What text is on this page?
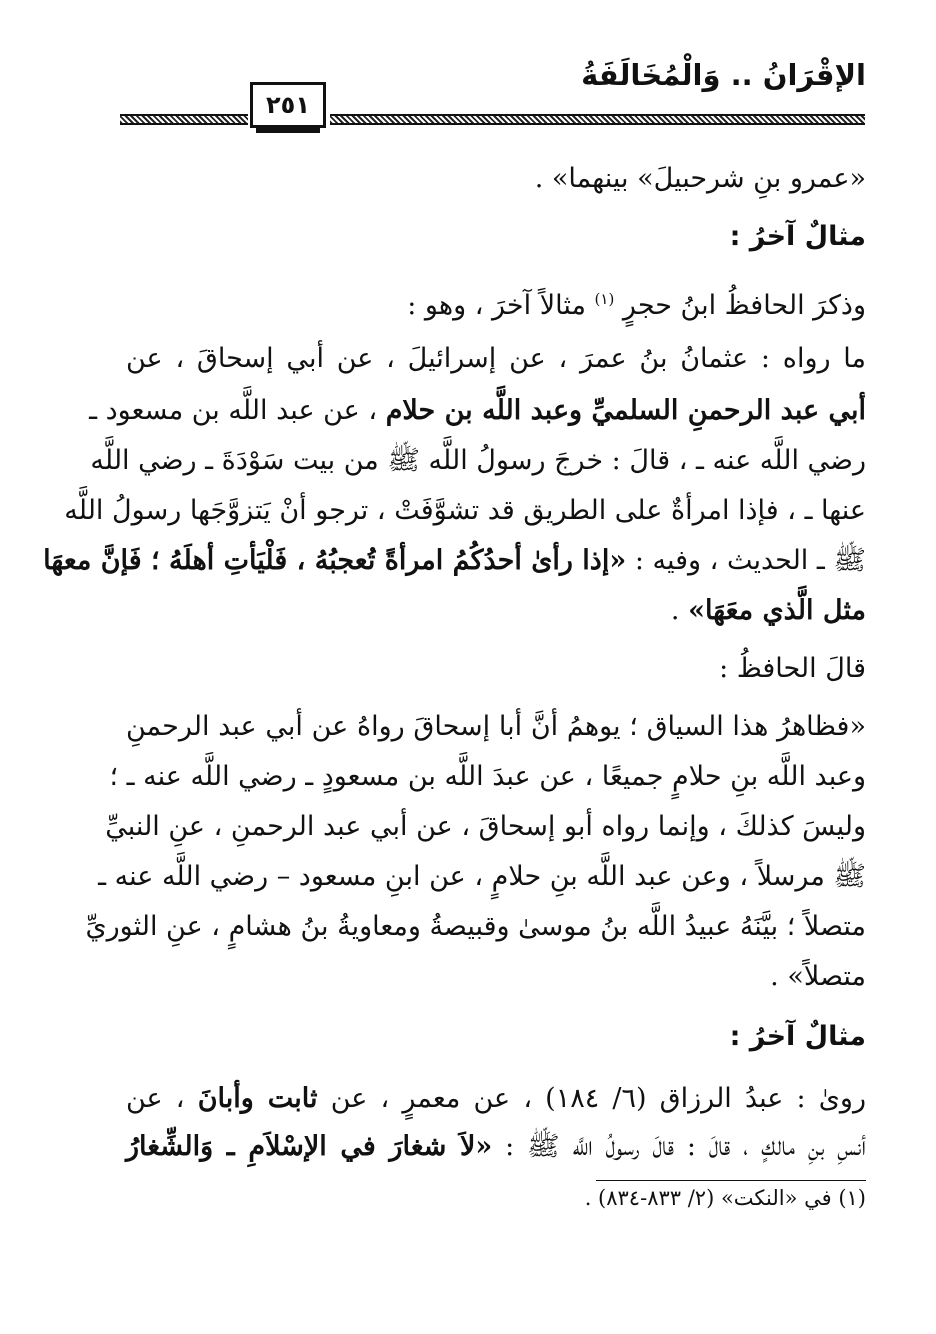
الإقْرَانُ .. وَالْمُخَالَفَةُ
٢٥١
«عمرو بنِ شرحبيلَ» بينهما» .
مثالٌ آخرُ :
وذكرَ الحافظُ ابنُ حجرٍ $^{(١)}$ مثالاً آخرَ ، وهو :
ما رواه : عثمانُ بنُ عمرَ ، عن إسرائيلَ ، عن أبي إسحاقَ ، عن
أبي عبد الرحمنِ السلميِّ وعبد اللَّه بن حلام ، عن عبد اللَّه بن مسعود ـ
رضي اللَّه عنه ـ ، قالَ : خرجَ رسولُ اللَّه ﷺ من بيت سَوْدَةَ ـ رضي اللَّه
عنها ـ ، فإذا امرأةٌ على الطريق قد تشوَّفَتْ ، ترجو أنْ يَتزوَّجَها رسولُ اللَّه
ﷺ ـ الحديث ، وفيه : «إذا رأىٰ أحدُكُمُ امرأةً تُعجبُهُ ، فَلْيَأتِ أهلَهُ ؛ فَإنَّ معهَا
مثل الَّذي معَهَا» .
قالَ الحافظُ :
«فظاهرُ هذا السياق ؛ يوهمُ أنَّ أبا إسحاقَ رواهُ عن أبي عبد الرحمنِ
وعبد اللَّه بنِ حلامٍ جميعًا ، عن عبدَ اللَّه بن مسعودٍ ـ رضي اللَّه عنه ـ ؛
وليسَ كذلكَ ، وإنما رواه أبو إسحاقَ ، عن أبي عبد الرحمنِ ، عنِ النبيِّ
ﷺ مرسلاً ، وعن عبد اللَّه بنِ حلامٍ ، عن ابنِ مسعود – رضي اللَّه عنه ـ
متصلاً ؛ بيَّنَهُ عبيدُ اللَّه بنُ موسىٰ وقبيصةُ ومعاويةُ بنُ هشامٍ ، عنِ الثوريِّ
متصلاً» .
مثالٌ آخرُ :
رویٰ : عبدُ الرزاق (٦/ ١٨٤) ، عن معمرٍ ، عن ثابت وأبانَ ، عن
أنسِ بنِ مالكٍ ، قالَ : قالَ رسولُ اللَّه ﷺ : «لاَ شغارَ في الإسْلاَمِ ـ وَالشِّغارُ
(١) في «النكت» (٢/ ٨٣٣-٨٣٤) .
